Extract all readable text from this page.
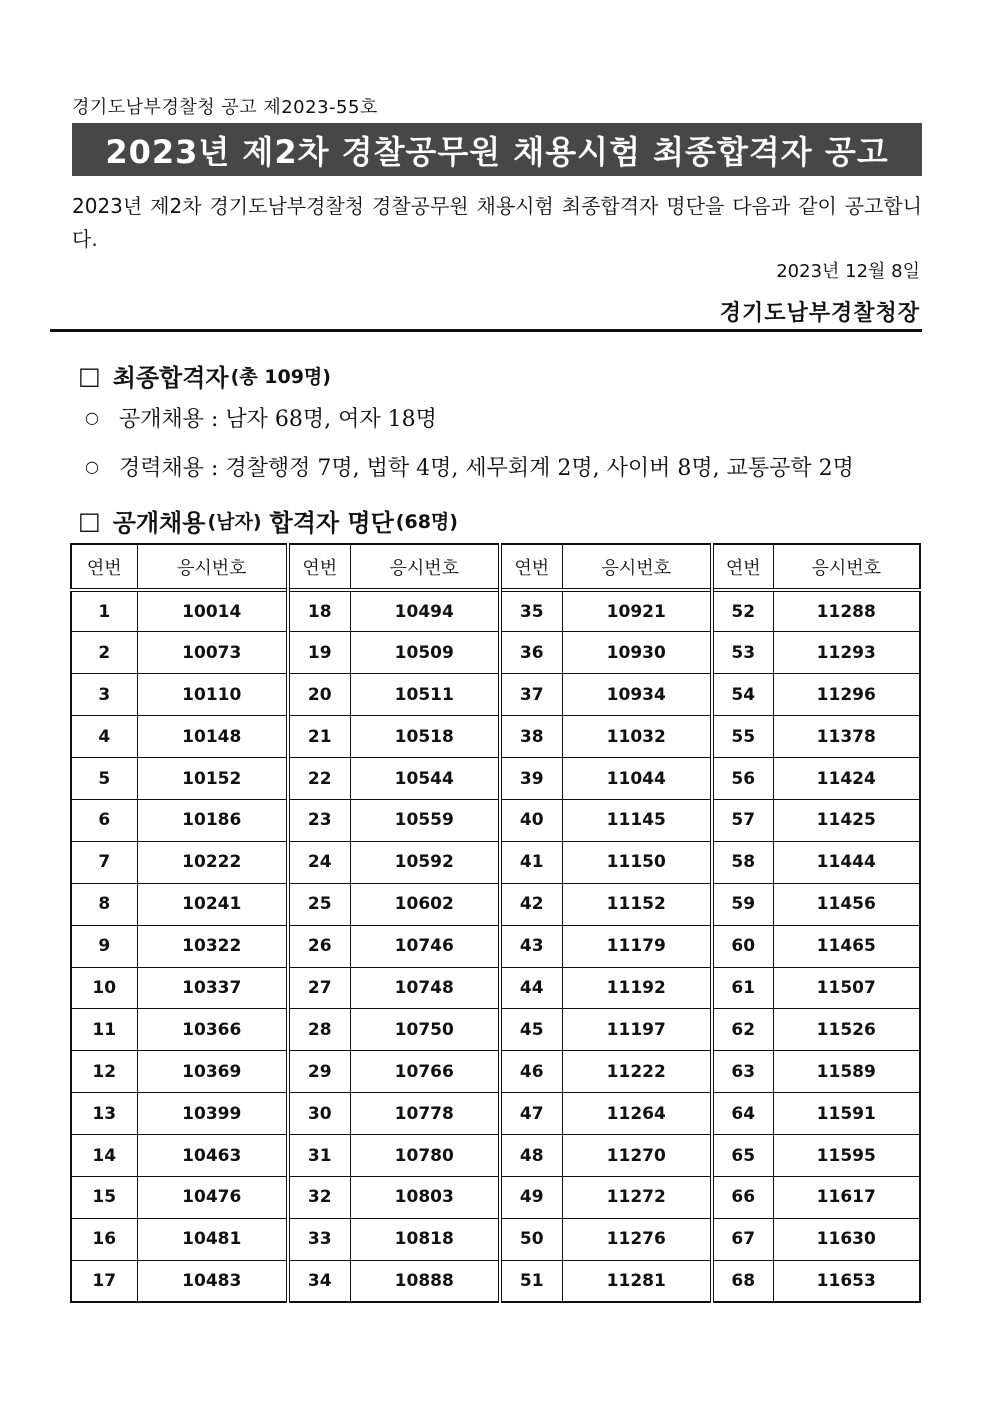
경기도남부경찰청 공고 제2023-55호
2023년 제2차 경찰공무원 채용시험 최종합격자 공고
2023년 제2차 경기도남부경찰청 경찰공무원 채용시험 최종합격자 명단을 다음과 같이 공고합니다.
2023년 12월 8일
경기도남부경찰청장
□ 최종합격자 (총 109명)
○ 공개채용 : 남자 68명, 여자 18명
○ 경력채용 : 경찰행정 7명, 법학 4명, 세무회계 2명, 사이버 8명, 교통공학 2명
□ 공개채용 (남자) 합격자 명단 (68명)
연번	응시번호	연번	응시번호	연번	응시번호	연번	응시번호
1	10014	18	10494	35	10921	52	11288
2	10073	19	10509	36	10930	53	11293
3	10110	20	10511	37	10934	54	11296
4	10148	21	10518	38	11032	55	11378
5	10152	22	10544	39	11044	56	11424
6	10186	23	10559	40	11145	57	11425
7	10222	24	10592	41	11150	58	11444
8	10241	25	10602	42	11152	59	11456
9	10322	26	10746	43	11179	60	11465
10	10337	27	10748	44	11192	61	11507
11	10366	28	10750	45	11197	62	11526
12	10369	29	10766	46	11222	63	11589
13	10399	30	10778	47	11264	64	11591
14	10463	31	10780	48	11270	65	11595
15	10476	32	10803	49	11272	66	11617
16	10481	33	10818	50	11276	67	11630
17	10483	34	10888	51	11281	68	11653
